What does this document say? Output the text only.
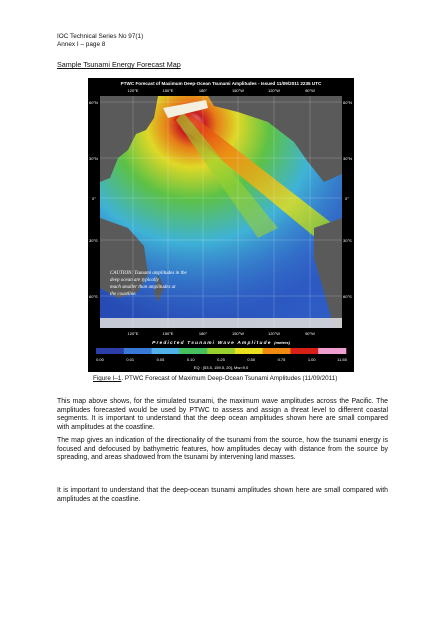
IOC Technical Series No 97(1)
Annex I – page 8
Sample Tsunami Energy Forecast Map
PTWC Forecast of Maximum Deep-Ocean Tsunami Amplitudes - Issued 11/09/2011 2235 UTC
120°E	150°E	180°	150°W	120°W	90°W
CAUTION: Tsunami amplitudes in the deep ocean are typically much smaller than amplitudes at the coastline.
60°N
30°N
0°
30°S
60°S
60°N
30°N
0°
30°S
60°S
120°E	150°E	180°	150°W	120°W	90°W
Predicted Tsunami Wave Amplitude (meters)
0.00	0.01	0.05	0.10	0.25	0.50	0.75	1.00	11.65
EQ : [53.5, 159.5, 20], Mw=9.0
Figure I–1. PTWC Forecast of Maximum Deep-Ocean Tsunami Amplitudes (11/09/2011)

This map above shows, for the simulated tsunami, the maximum wave amplitudes across the Pacific. The amplitudes forecasted would be used by PTWC to assess and assign a threat level to different coastal segments. It is important to understand that the deep ocean amplitudes shown here are small compared with amplitudes at the coastline.

The map gives an indication of the directionality of the tsunami from the source, how the tsunami energy is focused and defocused by bathymetric features, how amplitudes decay with distance from the source by spreading, and areas shadowed from the tsunami by intervening land masses.

It is important to understand that the deep-ocean tsunami amplitudes shown here are small compared with amplitudes at the coastline.
